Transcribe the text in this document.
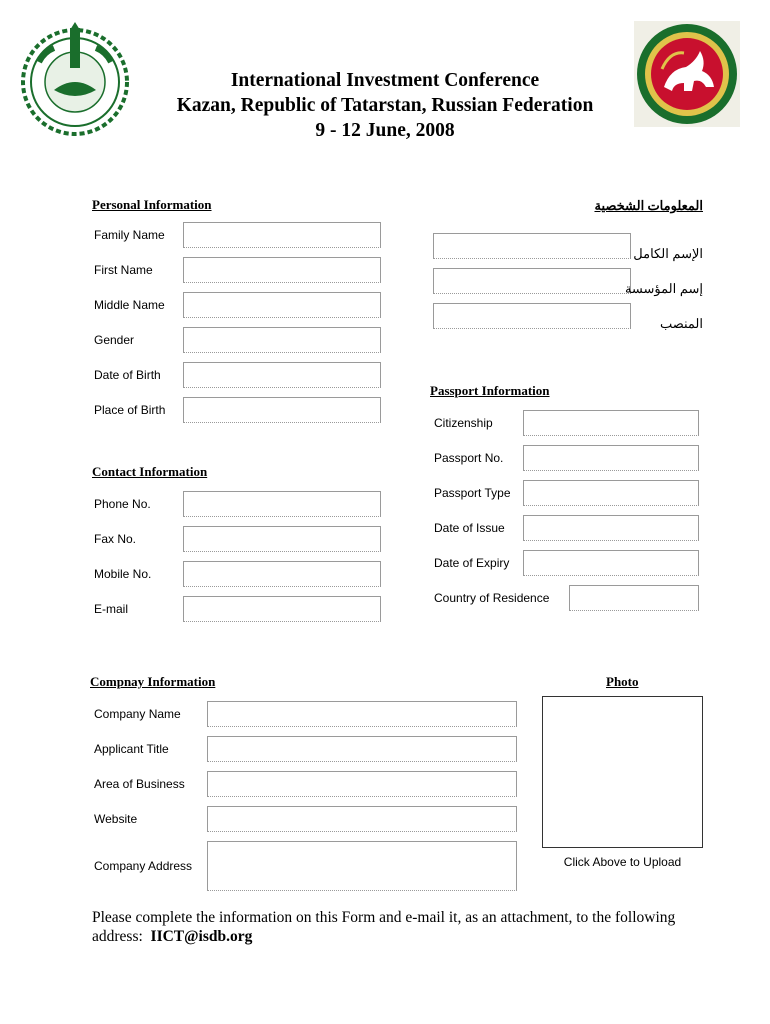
International Investment Conference
Kazan, Republic of Tatarstan, Russian Federation
9 - 12 June, 2008
Personal Information	المعلومات الشخصية
Family Name
First Name
Middle Name
Gender
Date of Birth
Place of Birth
الإسم الكامل
إسم المؤسسة
المنصب
Passport Information
Citizenship
Passport No.
Passport Type
Date of Issue
Date of Expiry
Country of Residence
Contact Information
Phone No.
Fax No.
Mobile No.
E-mail
Compnay Information
Company Name
Applicant Title
Area of Business
Website
Company Address
Photo
Click Above to Upload
Please complete the information on this Form and e-mail it, as an attachment, to the following
address: IICT@isdb.org
